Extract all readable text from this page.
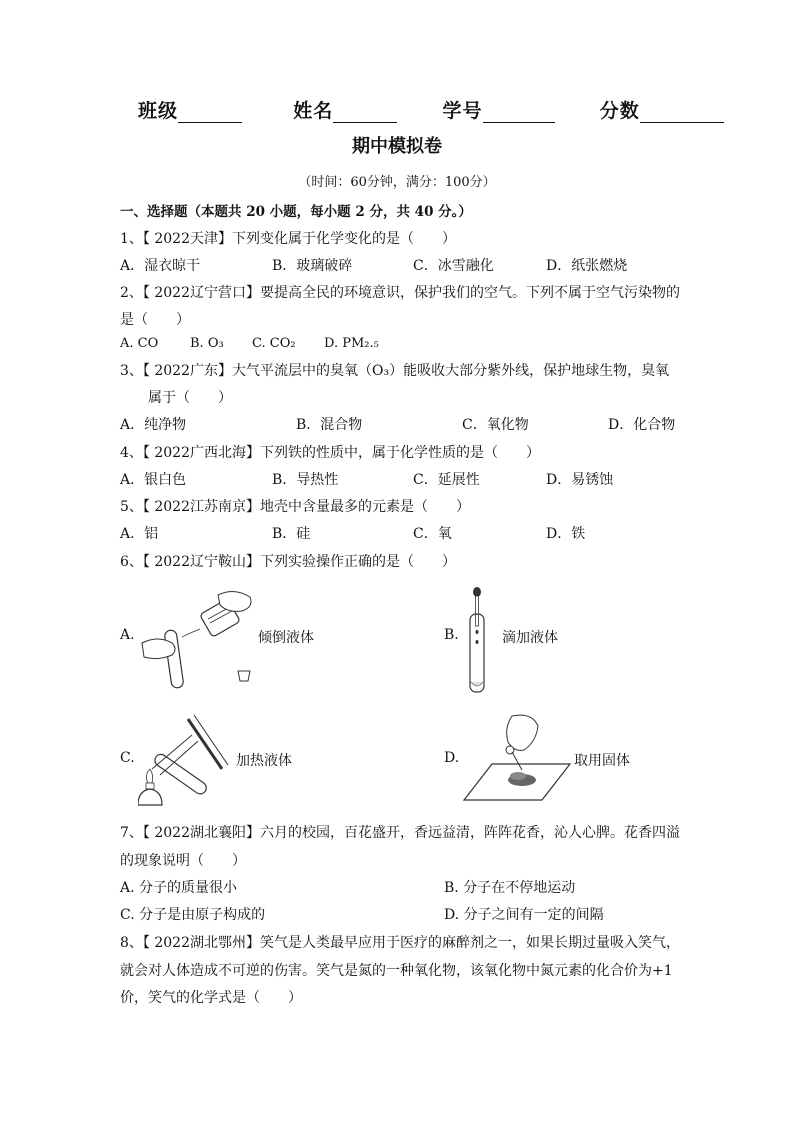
班级	姓名	学号	分数
期中模拟卷
（时间：60分钟，满分：100分）
一、选择题（本题共 20 小题，每小题 2 分，共 40 分。）
1、【 2022天津】下列变化属于化学变化的是（　　）
A．湿衣晾干	B．玻璃破碎	C．冰雪融化	D．纸张燃烧
2、【 2022辽宁营口】要提高全民的环境意识，保护我们的空气。下列不属于空气污染物的
是（　　）
A. CO B. O₃ C. CO₂ D. PM₂.₅
3、【 2022广东】大气平流层中的臭氧（O₃）能吸收大部分紫外线，保护地球生物，臭氧
属于（　　）
A．纯净物	B．混合物	C．氧化物	D．化合物
4、【 2022广西北海】下列铁的性质中，属于化学性质的是（　　）
A．银白色	B．导热性	C．延展性	D．易锈蚀
5、【 2022江苏南京】地壳中含量最多的元素是（　　）
A．铝	B．硅	C．氧	D．铁
6、【 2022辽宁鞍山】下列实验操作正确的是（　　）
A.	倾倒液体	B.	滴加液体
C.	加热液体	D.	取用固体
7、【 2022湖北襄阳】六月的校园，百花盛开，香远益清，阵阵花香，沁人心脾。花香四溢
的现象说明（　　）
A. 分子的质量很小	B. 分子在不停地运动
C. 分子是由原子构成的	D. 分子之间有一定的间隔
8、【 2022湖北鄂州】笑气是人类最早应用于医疗的麻醉剂之一，如果长期过量吸入笑气，
就会对人体造成不可逆的伤害。笑气是氮的一种氧化物，该氧化物中氮元素的化合价为+1
价，笑气的化学式是（　　）
